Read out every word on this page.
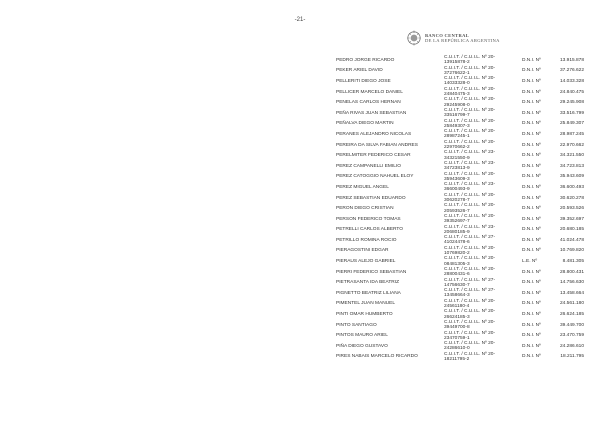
-21-
BANCO CENTRAL
DE LA REPÚBLICA ARGENTINA
PEDRO JORGE RICARDO	C.U.I.T. / C.U.I.L. Nº 20-
13915878-2	D.N.I. Nº	13.915.878
PEKER ARIEL DAVID	C.U.I.T. / C.U.I.L. Nº 20-
37276622-1	D.N.I. Nº	37.276.622
PELLERITI DIEGO JOSE	C.U.I.T. / C.U.I.L. Nº 20-
14033328-0	D.N.I. Nº	14.033.328
PELLICER MARCELO DANIEL	C.U.I.T. / C.U.I.L. Nº 20-
24840475-3	D.N.I. Nº	24.840.475
PENELAS CARLOS HERNAN	C.U.I.T. / C.U.I.L. Nº 20-
29245908-0	D.N.I. Nº	29.245.908
PEÑA RIVAS JUAN SEBASTIAN	C.U.I.T. / C.U.I.L. Nº 20-
33516799-7	D.N.I. Nº	33.516.799
PEÑALVA DIEGO MARTIN	C.U.I.T. / C.U.I.L. Nº 20-
25849307-3	D.N.I. Nº	25.849.307
PERANES ALEJANDRO NICOLAS	C.U.I.T. / C.U.I.L. Nº 20-
28987245-1	D.N.I. Nº	28.987.245
PEREIRA DA SILVA FABIAN ANDRES	C.U.I.T. / C.U.I.L. Nº 20-
22970662-2	D.N.I. Nº	22.970.662
PERELMITER FEDERICO CESAR	C.U.I.T. / C.U.I.L. Nº 23-
34321550-9	D.N.I. Nº	34.321.550
PEREZ CAMPANELLI EMILIO	C.U.I.T. / C.U.I.L. Nº 23-
34723813-9	D.N.I. Nº	34.723.813
PEREZ CATOGGIO NAHUEL ELOY	C.U.I.T. / C.U.I.L. Nº 20-
35943609-3	D.N.I. Nº	35.943.609
PEREZ MIGUEL ANGEL	C.U.I.T. / C.U.I.L. Nº 23-
36600493-9	D.N.I. Nº	36.600.493
PEREZ SEBASTIAN EDUARDO	C.U.I.T. / C.U.I.L. Nº 20-
30620278-7	D.N.I. Nº	30.620.278
PERON DIEGO CRISTIAN	C.U.I.T. / C.U.I.L. Nº 20-
20593526-7	D.N.I. Nº	20.593.526
PERSON FEDERICO TOMAS	C.U.I.T. / C.U.I.L. Nº 20-
39352697-7	D.N.I. Nº	39.352.697
PETRELLI CARLOS ALBERTO	C.U.I.T. / C.U.I.L. Nº 23-
20680185-9	D.N.I. Nº	20.680.185
PETRILLO ROMINA ROCIO	C.U.I.T. / C.U.I.L. Nº 27-
41024478-6	D.N.I. Nº	41.024.478
PIERAGOSTINI EDGAR	C.U.I.T. / C.U.I.L. Nº 20-
10769820-2	D.N.I. Nº	10.769.820
PIERAUS ALEJO GABRIEL	C.U.I.T. / C.U.I.L. Nº 20-
08481305-3	L.E. Nº	8.481.305
PIERRI FEDERICO SEBASTIAN	C.U.I.T. / C.U.I.L. Nº 20-
28800431-6	D.N.I. Nº	28.800.431
PIETRASANTA IDA BEATRIZ	C.U.I.T. / C.U.I.L. Nº 27-
14756630-7	D.N.I. Nº	14.756.630
PIGNETTO BEATRIZ LILIANA	C.U.I.T. / C.U.I.L. Nº 27-
13458664-3	D.N.I. Nº	13.458.664
PIMENTEL JUAN MANUEL	C.U.I.T. / C.U.I.L. Nº 20-
24561180-4	D.N.I. Nº	24.561.180
PINTI OMAR HUMBERTO	C.U.I.T. / C.U.I.L. Nº 20-
26624185-3	D.N.I. Nº	26.624.185
PINTO SANTIAGO	C.U.I.T. / C.U.I.L. Nº 20-
39449700-8	D.N.I. Nº	39.449.700
PINTOS MAURO ARIEL	C.U.I.T. / C.U.I.L. Nº 20-
23470759-1	D.N.I. Nº	23.470.759
PIÑA DIEGO GUSTAVO	C.U.I.T. / C.U.I.L. Nº 20-
24286610-0	D.N.I. Nº	24.286.610
PIRES NABAIS MARCELO RICARDO	C.U.I.T. / C.U.I.L. Nº 20-
18211795-2	D.N.I. Nº	18.211.795
